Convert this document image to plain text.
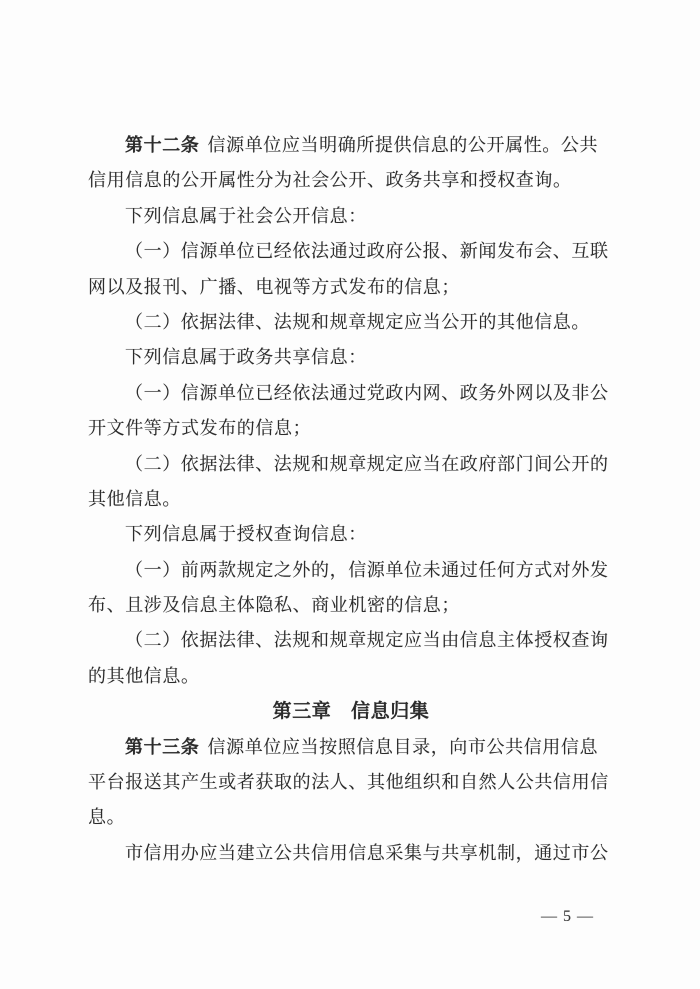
第十二条 信源单位应当明确所提供信息的公开属性。公共
信用信息的公开属性分为社会公开、政务共享和授权查询。
下列信息属于社会公开信息：
（一）信源单位已经依法通过政府公报、新闻发布会、互联
网以及报刊、广播、电视等方式发布的信息；
（二）依据法律、法规和规章规定应当公开的其他信息。
下列信息属于政务共享信息：
（一）信源单位已经依法通过党政内网、政务外网以及非公
开文件等方式发布的信息；
（二）依据法律、法规和规章规定应当在政府部门间公开的
其他信息。
下列信息属于授权查询信息：
（一）前两款规定之外的，信源单位未通过任何方式对外发
布、且涉及信息主体隐私、商业机密的信息；
（二）依据法律、法规和规章规定应当由信息主体授权查询
的其他信息。
第三章　信息归集
第十三条 信源单位应当按照信息目录，向市公共信用信息
平台报送其产生或者获取的法人、其他组织和自然人公共信用信
息。
市信用办应当建立公共信用信息采集与共享机制，通过市公
— 5 —
